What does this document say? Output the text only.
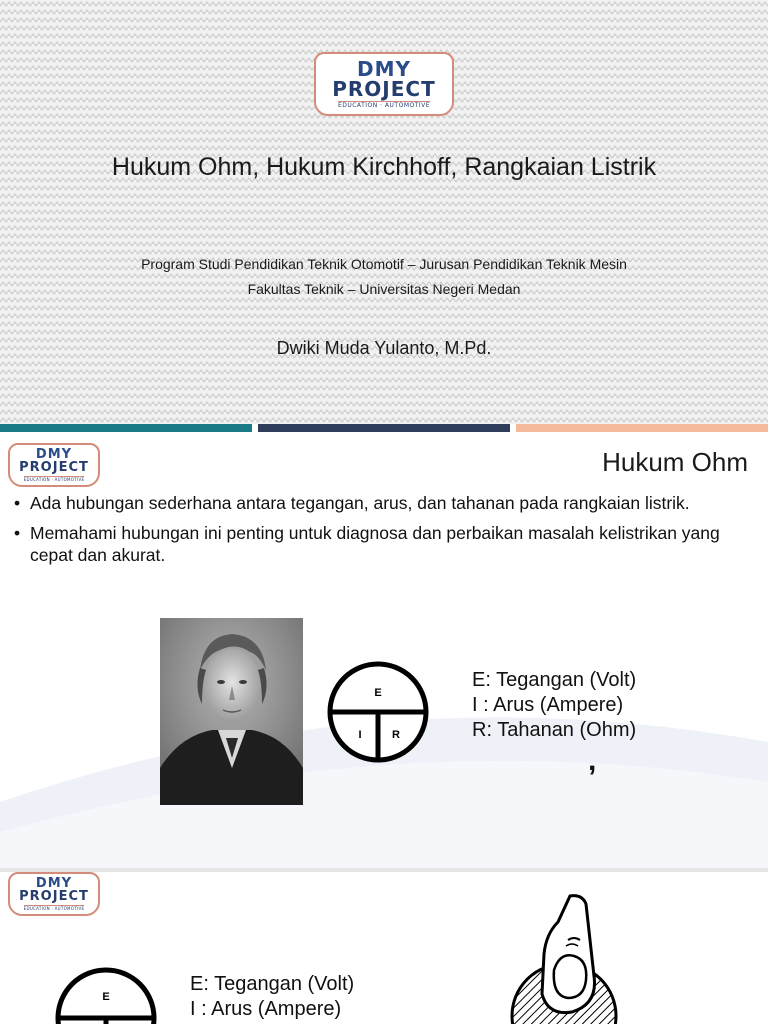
DMY
PROJECT
EDUCATION · AUTOMOTIVE
Hukum Ohm, Hukum Kirchhoff, Rangkaian Listrik
Program Studi Pendidikan Teknik Otomotif – Jurusan Pendidikan Teknik Mesin
Fakultas Teknik – Universitas Negeri Medan
Dwiki Muda Yulanto, M.Pd.
DMY
PROJECT
EDUCATION · AUTOMOTIVE
Hukum Ohm
• Ada hubungan sederhana antara tegangan, arus, dan tahanan pada rangkaian listrik.
• Memahami hubungan ini penting untuk diagnosa dan perbaikan masalah kelistrikan yang cepat dan akurat.
E
I	R
E: Tegangan (Volt)
I : Arus (Ampere)
R: Tahanan (Ohm)
,
DMY
PROJECT
EDUCATION · AUTOMOTIVE
E
E: Tegangan (Volt)
I : Arus (Ampere)
